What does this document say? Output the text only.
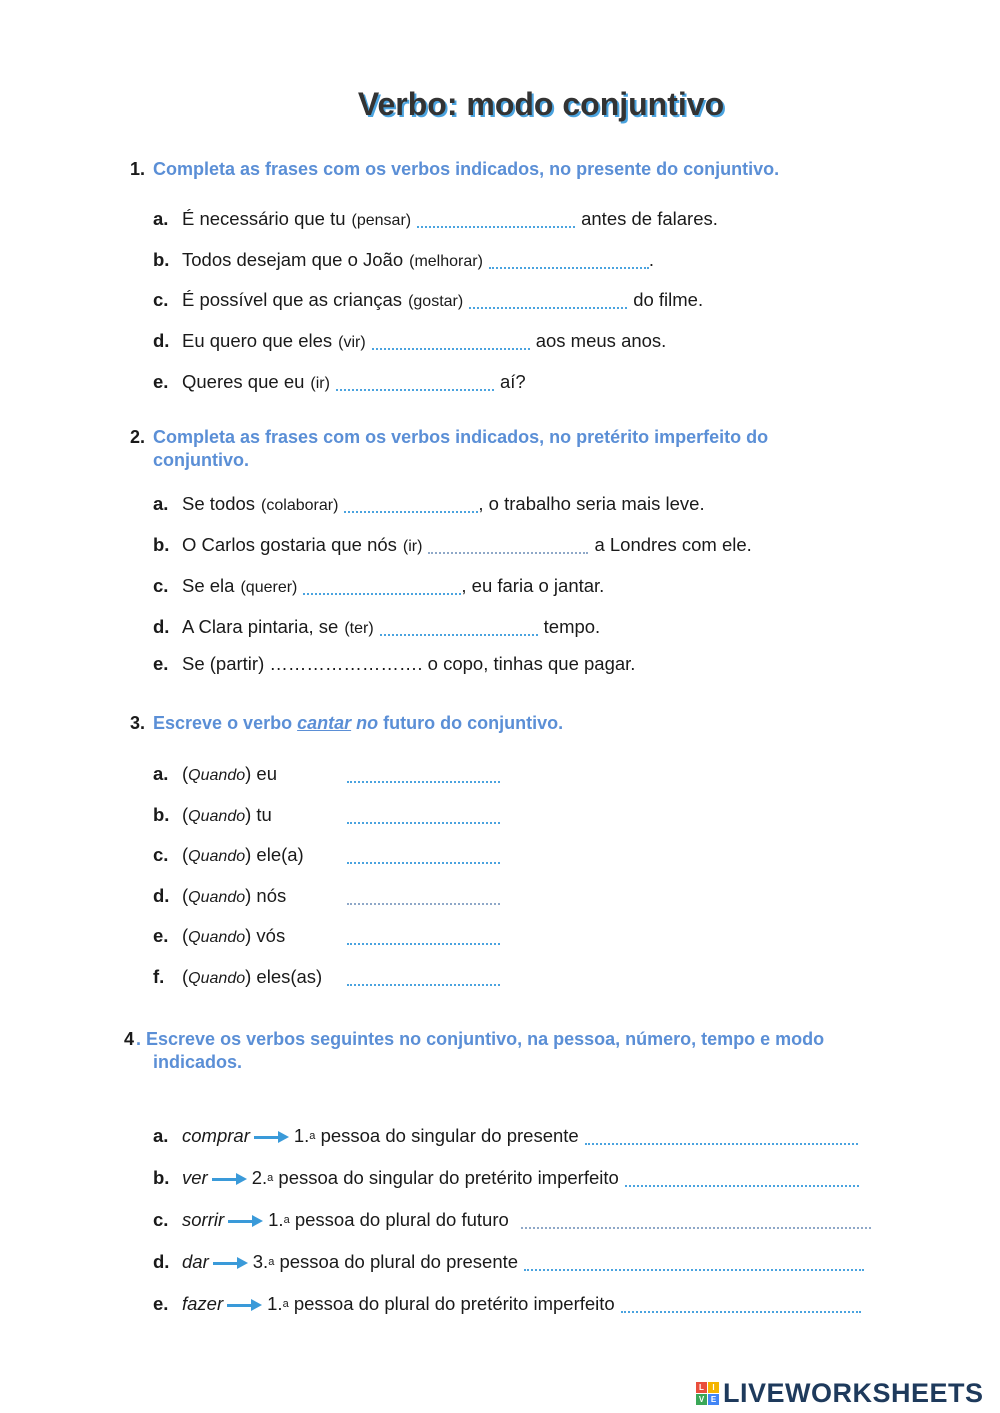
Verbo: modo conjuntivo
1. Completa as frases com os verbos indicados, no presente do conjuntivo.
a. É necessário que tu (pensar)	antes de falares.
b. Todos desejam que o João (melhorar)	.
c. É possível que as crianças (gostar)	do filme.
d. Eu quero que eles (vir)	aos meus anos.
e. Queres que eu (ir)	aí?
2. Completa as frases com os verbos indicados, no pretérito imperfeito do
conjuntivo.
a. Se todos (colaborar)	, o trabalho seria mais leve.
b. O Carlos gostaria que nós (ir)	a Londres com ele.
c. Se ela (querer)	, eu faria o jantar.
d. A Clara pintaria, se (ter)	tempo.
e. Se (partir) ……………………. o copo, tinhas que pagar.
3. Escreve o verbo cantar no futuro do conjuntivo.
a. (Quando) eu
b. (Quando) tu
c. (Quando) ele(a)
d. (Quando) nós
e. (Quando) vós
f. (Quando) eles(as)
4 . Escreve os verbos seguintes no conjuntivo, na pessoa, número, tempo e modo
indicados.
a. comprar 1.$^a$
pessoa do singular do presente
b. ver 2.$^a$
pessoa do singular do pretérito imperfeito
c. sorrir 1.$^a$
pessoa do plural do futuro
d. dar 3.$^a$
pessoa do plural do presente
e. fazer 1.$^a$
pessoa do plural do pretérito imperfeito
L	I
V E LIVEWORKSHEETS
